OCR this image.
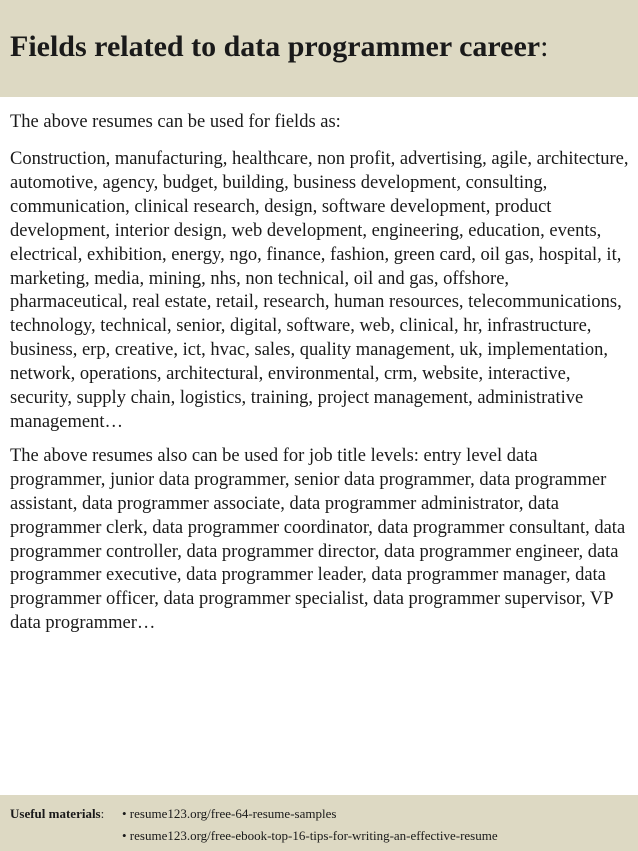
Fields related to data programmer career:

The above resumes can be used for fields as:

Construction, manufacturing, healthcare, non profit, advertising, agile, architecture, automotive, agency, budget, building, business development, consulting, communication, clinical research, design, software development, product development, interior design, web development, engineering, education, events, electrical, exhibition, energy, ngo, finance, fashion, green card, oil gas, hospital, it, marketing, media, mining, nhs, non technical, oil and gas, offshore, pharmaceutical, real estate, retail, research, human resources, telecommunications, technology, technical, senior, digital, software, web, clinical, hr, infrastructure, business, erp, creative, ict, hvac, sales, quality management, uk, implementation, network, operations, architectural, environmental, crm, website, interactive, security, supply chain, logistics, training, project management, administrative management…

The above resumes also can be used for job title levels: entry level data programmer, junior data programmer, senior data programmer, data programmer assistant, data programmer associate, data programmer administrator, data programmer clerk, data programmer coordinator, data programmer consultant, data programmer controller, data programmer director, data programmer engineer, data programmer executive, data programmer leader, data programmer manager, data programmer officer, data programmer specialist, data programmer supervisor, VP data programmer…

Useful materials:	• resume123.org/free-64-resume-samples
• resume123.org/free-ebook-top-16-tips-for-writing-an-effective-resume
